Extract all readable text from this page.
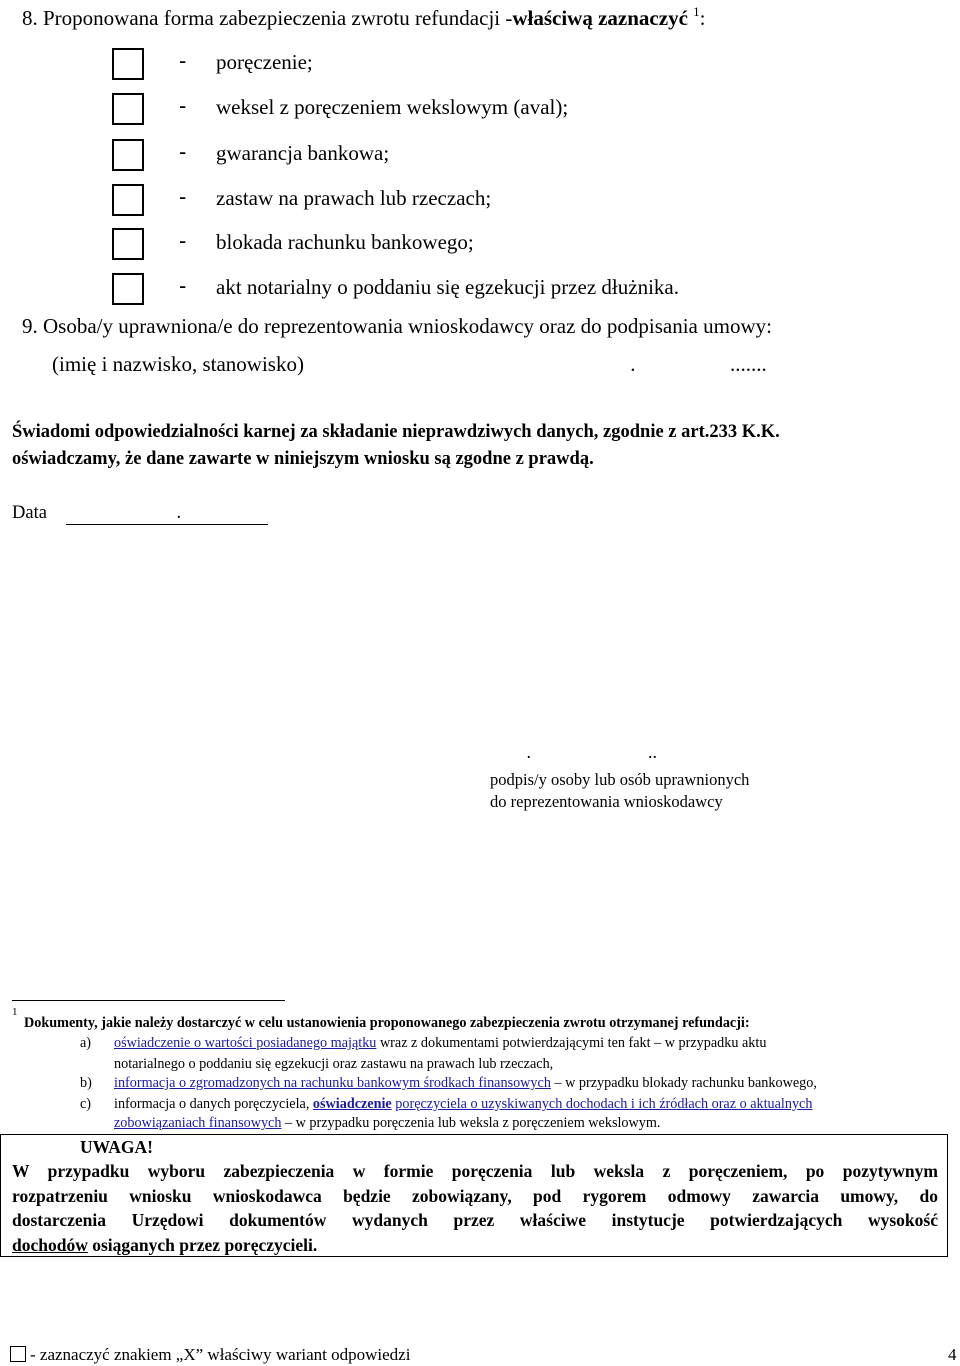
8. Proponowana forma zabezpieczenia zwrotu refundacji -właściwą zaznaczyć $^1$:
- poręczenie;
- weksel z poręczeniem wekslowym (aval);
- gwarancja bankowa;
- zastaw na prawach lub rzeczach;
- blokada rachunku bankowego;
- akt notarialny o poddaniu się egzekucji przez dłużnika.
9. Osoba/y uprawniona/e do reprezentowania wnioskodawcy oraz do podpisania umowy:
(imię i nazwisko, stanowisko) .                  .......
Świadomi odpowiedzialności karnej za składanie nieprawdziwych danych, zgodnie z art.233 K.K.
oświadczamy, że dane zawarte w niniejszym wniosku są zgodne z prawdą.
Data                            .
.                          ..
podpis/y osoby lub osób uprawnionych
do reprezentowania wnioskodawcy
1
Dokumenty, jakie należy dostarczyć w celu ustanowienia proponowanego zabezpieczenia zwrotu otrzymanej refundacji:
a) oświadczenie o wartości posiadanego majątku wraz z dokumentami potwierdzającymi ten fakt – w przypadku aktu
notarialnego o poddaniu się egzekucji oraz zastawu na prawach lub rzeczach,
b) informacja o zgromadzonych na rachunku bankowym środkach finansowych – w przypadku blokady rachunku bankowego,
c) informacja o danych poręczyciela, oświadczenie poręczyciela o uzyskiwanych dochodach i ich źródłach oraz o aktualnych
zobowiązaniach finansowych – w przypadku poręczenia lub weksla z poręczeniem wekslowym.
UWAGA!
W przypadku wyboru zabezpieczenia w formie poręczenia lub weksla z poręczeniem, po pozytywnym
rozpatrzeniu wniosku wnioskodawca będzie zobowiązany, pod rygorem odmowy zawarcia umowy, do
dostarczenia Urzędowi dokumentów wydanych przez właściwe instytucje potwierdzających wysokość
dochodów osiąganych przez poręczycieli.
- zaznaczyć znakiem „X” właściwy wariant odpowiedzi	4
